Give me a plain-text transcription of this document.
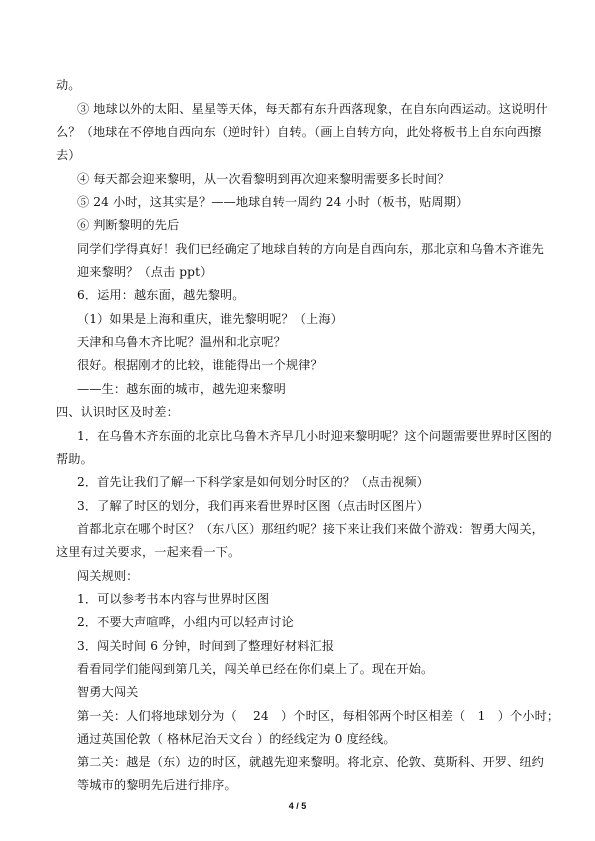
动。
③ 地球以外的太阳、星星等天体，每天都有东升西落现象，在自东向西运动。这说明什
么？（地球在不停地自西向东（逆时针）自转。（画上自转方向，此处将板书上自东向西擦
去）
④ 每天都会迎来黎明，从一次看黎明到再次迎来黎明需要多长时间？
⑤ 24 小时，这其实是？——地球自转一周约 24 小时（板书，贴周期）
⑥ 判断黎明的先后
同学们学得真好！我们已经确定了地球自转的方向是自西向东，那北京和乌鲁木齐谁先
迎来黎明？（点击 ppt）
6．运用：越东面，越先黎明。
（1）如果是上海和重庆，谁先黎明呢？（上海）
天津和乌鲁木齐比呢？温州和北京呢？
很好。根据刚才的比较，谁能得出一个规律？
——生：越东面的城市，越先迎来黎明
四、认识时区及时差：
1．在乌鲁木齐东面的北京比乌鲁木齐早几小时迎来黎明呢？这个问题需要世界时区图的
帮助。
2．首先让我们了解一下科学家是如何划分时区的？（点击视频）
3．了解了时区的划分，我们再来看世界时区图（点击时区图片）
首都北京在哪个时区？（东八区）那纽约呢？接下来让我们来做个游戏：智勇大闯关，
这里有过关要求，一起来看一下。
闯关规则：
1．可以参考书本内容与世界时区图
2．不要大声喧哗，小组内可以轻声讨论
3．闯关时间 6 分钟，时间到了整理好材料汇报
看看同学们能闯到第几关，闯关单已经在你们桌上了。现在开始。
智勇大闯关
第一关：人们将地球划分为（　 24　）个时区，每相邻两个时区相差（　1　）个小时；
通过英国伦敦（ 格林尼治天文台 ）的经线定为 0 度经线。
第二关：越是（东）边的时区，就越先迎来黎明。将北京、伦敦、莫斯科、开罗、纽约
等城市的黎明先后进行排序。
4 / 5
